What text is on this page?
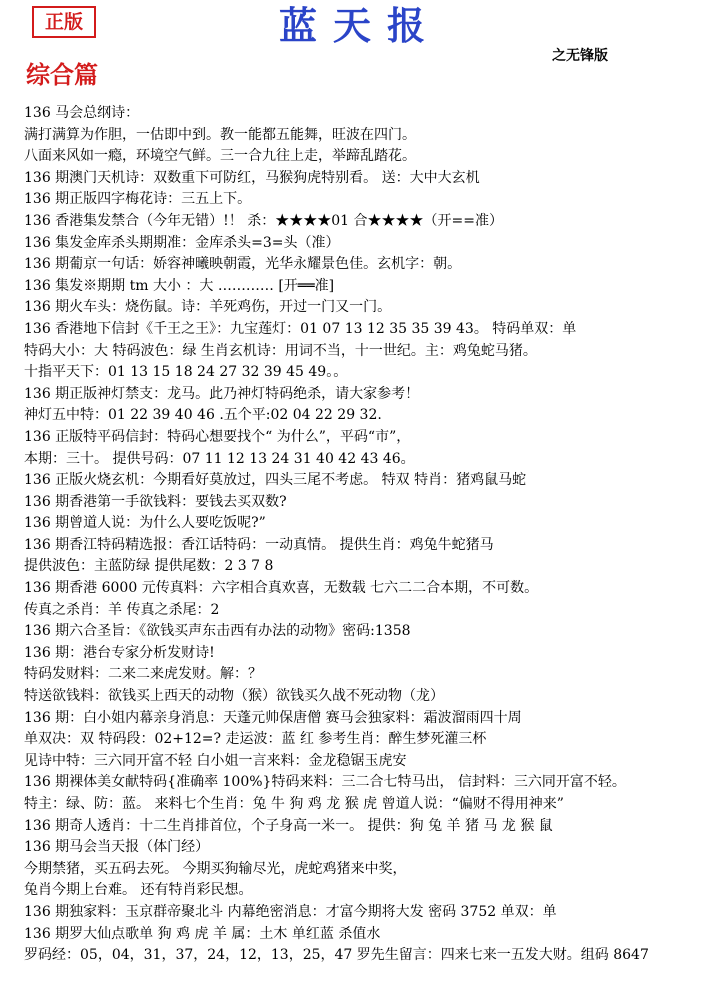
正版	蓝天报
之无锋版
综合篇
136 马会总纲诗：
满打满算为作胆，一估即中到。教一能都五能舞，旺波在四门。
八面来风如一瘾，环境空气鲜。三一合九往上走，举蹄乱踏花。
136 期澳门天机诗：双数重下可防红，马猴狗虎特别看。 送：大中大玄机
136 期正版四字梅花诗：三五上下。
136 香港集发禁合（今年无错）!！ 杀：★★★★01 合★★★★（开==准）
136 集发金库杀头期期准：金库杀头=3=头（准）
136 期葡京一句话：娇容神曦映朝霞，光华永耀景色佳。玄机字：朝。
136 集发※期期 tm 大小 ：大 ………… [开══准]
136 期火车头：烧伤鼠。诗：羊死鸡伤，开过一门又一门。
136 香港地下信封《千王之王》：九宝莲灯：01 07 13 12 35 35 39 43。 特码单双：单
特码大小：大 特码波色：绿 生肖玄机诗：用词不当，十一世纪。主：鸡兔蛇马猪。
十指平天下：01 13 15 18 24 27 32 39 45 49。。
136 期正版神灯禁支：龙马。此乃神灯特码绝杀，请大家参考！
神灯五中特：01 22 39 40 46 .五个平:02 04 22 29 32.
136 正版特平码信封：特码心想要找个“ 为什么”，平码“市”，
本期：三十。 提供号码：07 11 12 13 24 31 40 42 43 46。
136 正版火烧玄机：今期看好莫放过，四头三尾不考虑。 特双 特肖：猪鸡鼠马蛇
136 期香港第一手欲钱料：要钱去买双数?
136 期曾道人说：为什么人要吃饭呢?”
136 期香江特码精选报：香江话特码：一动真情。 提供生肖：鸡兔牛蛇猪马
提供波色：主蓝防绿 提供尾数：2 3 7 8
136 期香港 6000 元传真料：六字相合真欢喜，无数载 七六二二合本期，不可数。
传真之杀肖：羊 传真之杀尾：2
136 期六合圣旨：《欲钱买声东击西有办法的动物》密码:1358
136 期：港台专家分析发财诗!
特码发财料：二来二来虎发财。解：？
特送欲钱料：欲钱买上西天的动物（猴）欲钱买久战不死动物（龙）
136 期：白小姐内幕亲身消息：天蓬元帅保唐僧 赛马会独家料：霜波溜雨四十周
单双决：双 特码段：02+12=? 走运波：蓝 红 参考生肖：醉生梦死灌三杯
见诗中特：三六同开富不轻 白小姐一言来料：金龙稳锯玉虎安
136 期裸体美女献特码{准确率 100%}特码来料：三二合七特马出， 信封料：三六同开富不轻。
特主：绿、防：蓝。 来料七个生肖：兔 牛 狗 鸡 龙 猴 虎 曾道人说：“偏财不得用神来”
136 期奇人透肖：十二生肖排首位，个子身高一米一。 提供：狗 兔 羊 猪 马 龙 猴 鼠
136 期马会当天报（体门经）
今期禁猪，买五码去死。 今期买狗输尽光，虎蛇鸡猪来中奖，
兔肖今期上台难。 还有特肖彩民想。
136 期独家料：玉京群帝聚北斗 内幕绝密消息：才富今期将大发 密码 3752 单双：单
136 期罗大仙点歌单 狗 鸡 虎 羊 属：土木 单红蓝 杀值水
罗码经：05，04，31，37，24，12，13，25，47 罗先生留言：四来七来一五发大财。组码 8647
